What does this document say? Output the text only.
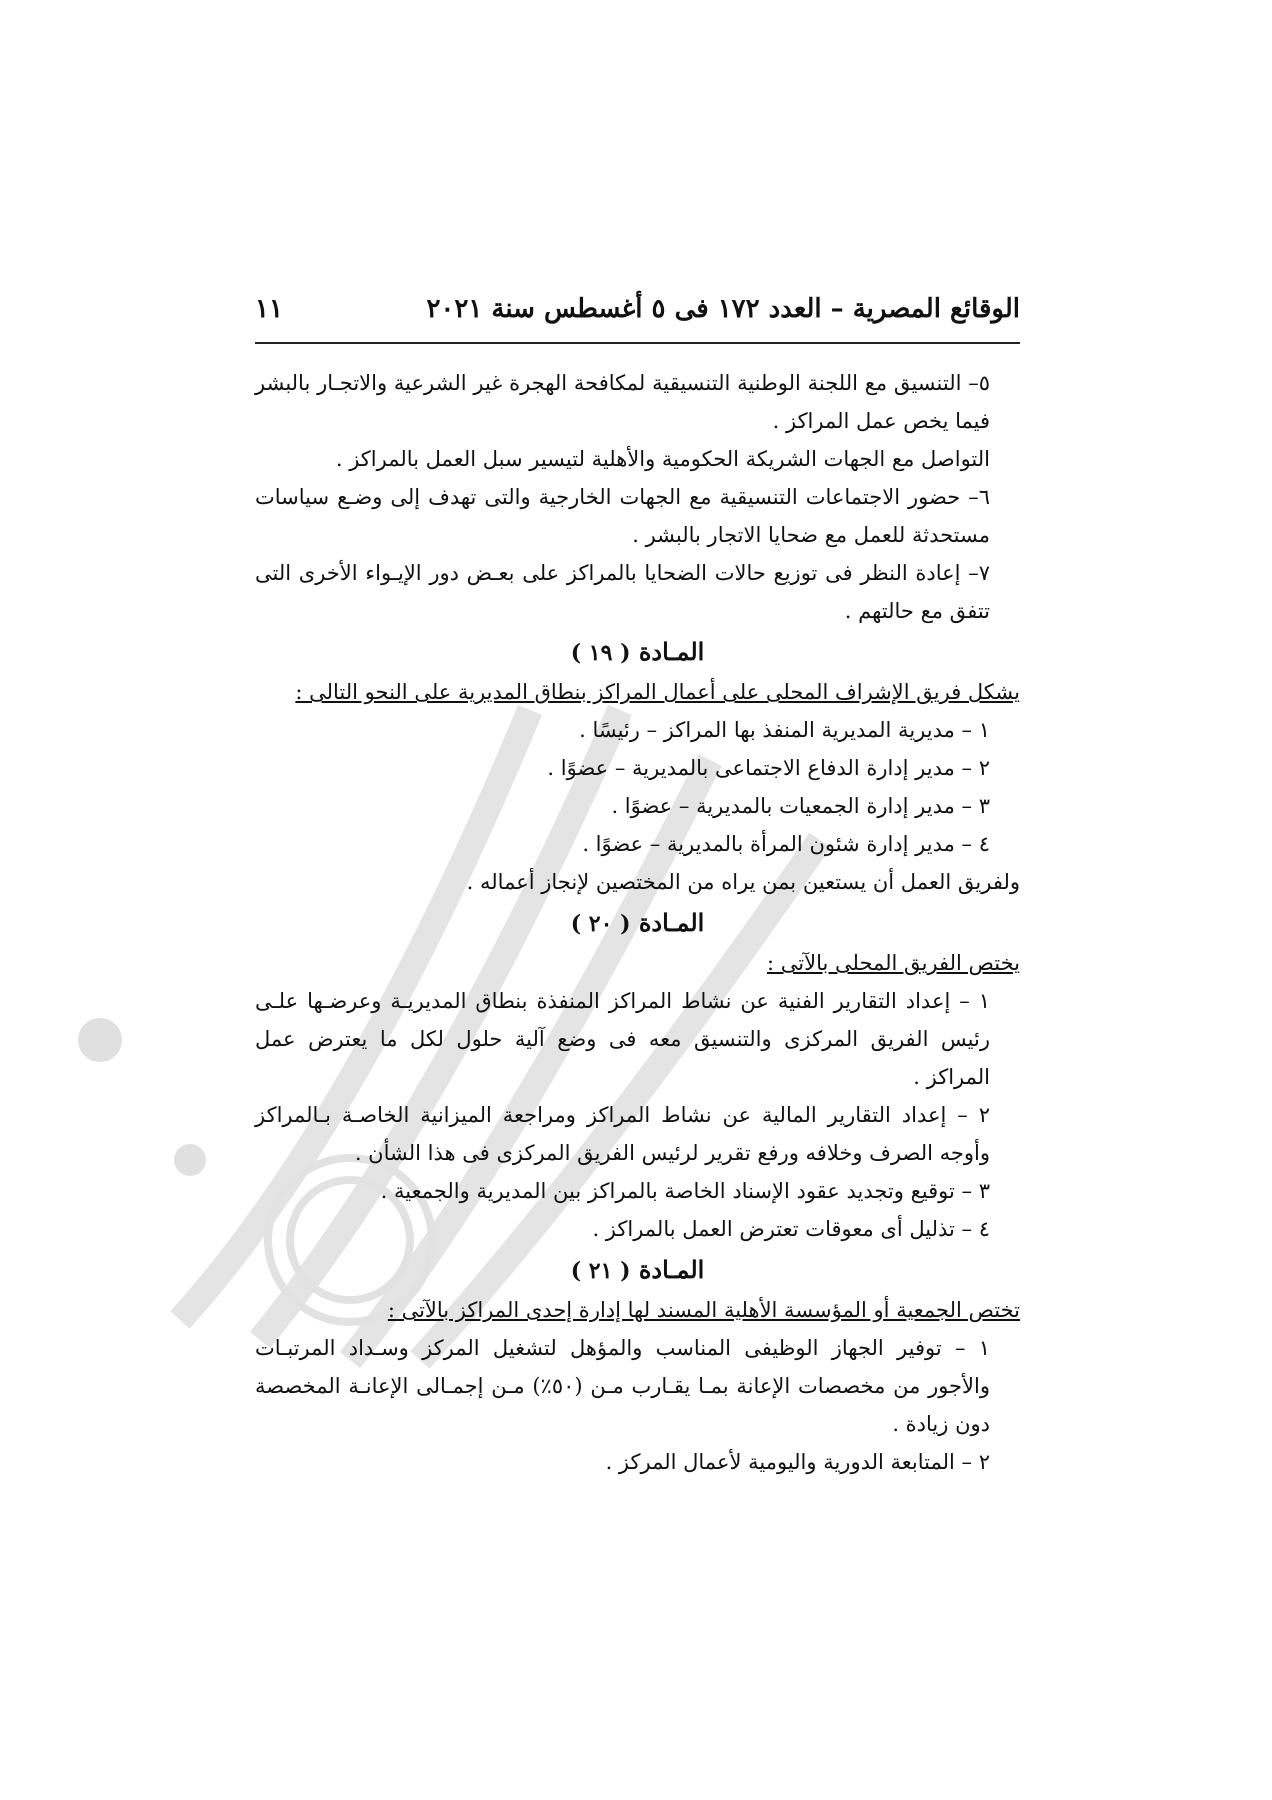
الوقائع المصرية – العدد ١٧٢ فى ٥ أغسطس سنة ٢٠٢١
١١
٥– التنسيق مع اللجنة الوطنية التنسيقية لمكافحة الهجرة غير الشرعية والاتجـار بالبشر فيما يخص عمل المراكز .
التواصل مع الجهات الشريكة الحكومية والأهلية لتيسير سبل العمل بالمراكز .
٦– حضور الاجتماعات التنسيقية مع الجهات الخارجية والتى تهدف إلى وضـع سياسات مستحدثة للعمل مع ضحايا الاتجار بالبشر .
٧– إعادة النظر فى توزيع حالات الضحايا بالمراكز على بعـض دور الإيـواء الأخرى التى تتفق مع حالتهم .
المـادة ( ١٩ )
يشكل فريق الإشراف المحلى على أعمال المراكز بنطاق المديرية على النحو التالى :
١ – مديرية المديرية المنفذ بها المراكز – رئيسًا .
٢ – مدير إدارة الدفاع الاجتماعى بالمديرية – عضوًا .
٣ – مدير إدارة الجمعيات بالمديرية – عضوًا .
٤ – مدير إدارة شئون المرأة بالمديرية – عضوًا .
ولفريق العمل أن يستعين بمن يراه من المختصين لإنجاز أعماله .
المـادة ( ٢٠ )
يختص الفريق المحلى بالآتى :
١ – إعداد التقارير الفنية عن نشاط المراكز المنفذة بنطاق المديريـة وعرضـها علـى رئيس الفريق المركزى والتنسيق معه فى وضع آلية حلول لكل ما يعترض عمل المراكز .
٢ – إعداد التقارير المالية عن نشاط المراكز ومراجعة الميزانية الخاصـة بـالمراكز وأوجه الصرف وخلافه ورفع تقرير لرئيس الفريق المركزى فى هذا الشأن .
٣ – توقيع وتجديد عقود الإسناد الخاصة بالمراكز بين المديرية والجمعية .
٤ – تذليل أى معوقات تعترض العمل بالمراكز .
المـادة ( ٢١ )
تختص الجمعية أو المؤسسة الأهلية المسند لها إدارة إحدى المراكز بالآتى :
١ – توفير الجهاز الوظيفى المناسب والمؤهل لتشغيل المركز وسـداد المرتبـات والأجور من مخصصات الإعانة بمـا يقـارب مـن (٥٠٪) مـن إجمـالى الإعانـة المخصصة دون زيادة .
٢ – المتابعة الدورية واليومية لأعمال المركز .
